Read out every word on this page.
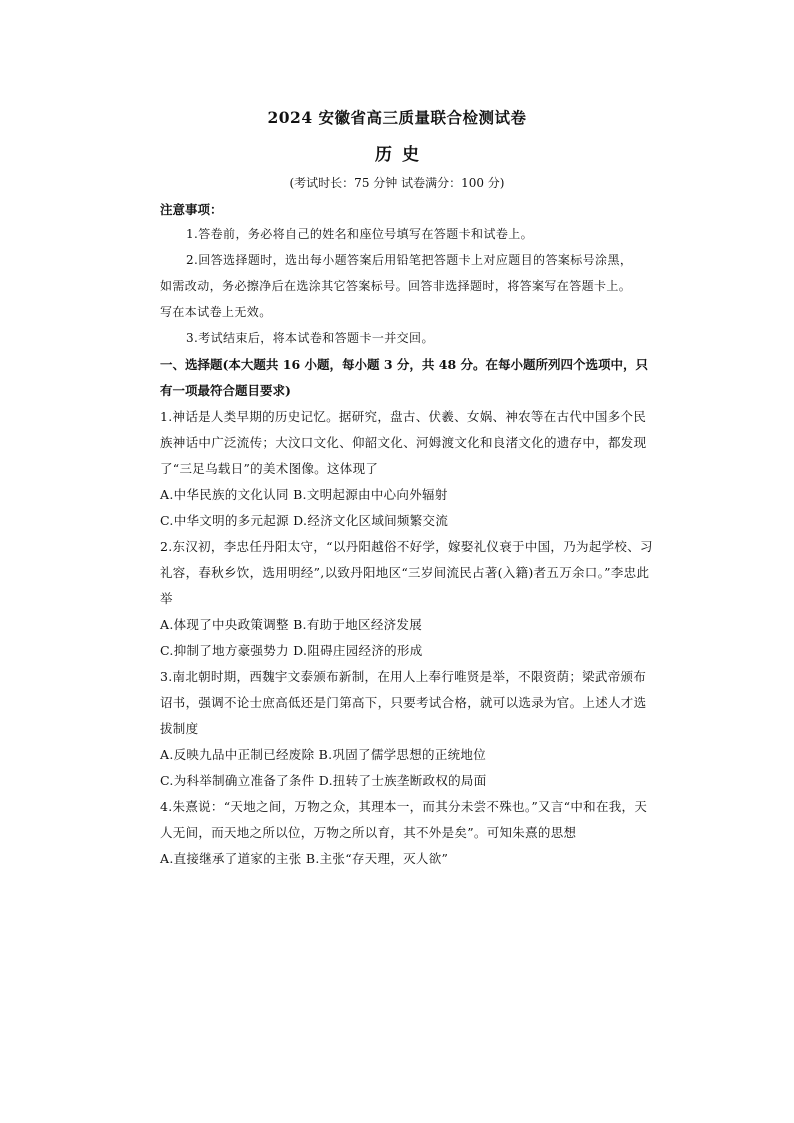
2024 安徽省高三质量联合检测试卷
历史
(考试时长：75 分钟 试卷满分：100 分)
注意事项：
1.答卷前，务必将自己的姓名和座位号填写在答题卡和试卷上。
2.回答选择题时，选出每小题答案后用铅笔把答题卡上对应题目的答案标号涂黑，
如需改动，务必擦净后在选涂其它答案标号。回答非选择题时，将答案写在答题卡上。
写在本试卷上无效。
3.考试结束后，将本试卷和答题卡一并交回。
一、选择题(本大题共 16 小题，每小题 3 分，共 48 分。在每小题所列四个选项中，只
有一项最符合题目要求)
1.神话是人类早期的历史记忆。据研究，盘古、伏羲、女娲、神农等在古代中国多个民
族神话中广泛流传；大汶口文化、仰韶文化、河姆渡文化和良渚文化的遗存中，都发现
了“三足乌载日”的美术图像。这体现了
A.中华民族的文化认同 B.文明起源由中心向外辐射
C.中华文明的多元起源 D.经济文化区域间频繁交流
2.东汉初，李忠任丹阳太守，“以丹阳越俗不好学，嫁娶礼仪衰于中国，乃为起学校、习
礼容，春秋乡饮，选用明经”,以致丹阳地区“三岁间流民占著(入籍)者五万余口。”李忠此
举
A.体现了中央政策调整 B.有助于地区经济发展
C.抑制了地方豪强势力 D.阻碍庄园经济的形成
3.南北朝时期，西魏宇文泰颁布新制，在用人上奉行唯贤是举，不限资荫；梁武帝颁布
诏书，强调不论士庶高低还是门第高下，只要考试合格，就可以选录为官。上述人才选
拔制度
A.反映九品中正制已经废除 B.巩固了儒学思想的正统地位
C.为科举制确立准备了条件 D.扭转了士族垄断政权的局面
4.朱熹说：“天地之间，万物之众，其理本一，而其分未尝不殊也。”又言“中和在我，天
人无间，而天地之所以位，万物之所以育，其不外是矣”。可知朱熹的思想
A.直接继承了道家的主张 B.主张“存天理，灭人欲”
